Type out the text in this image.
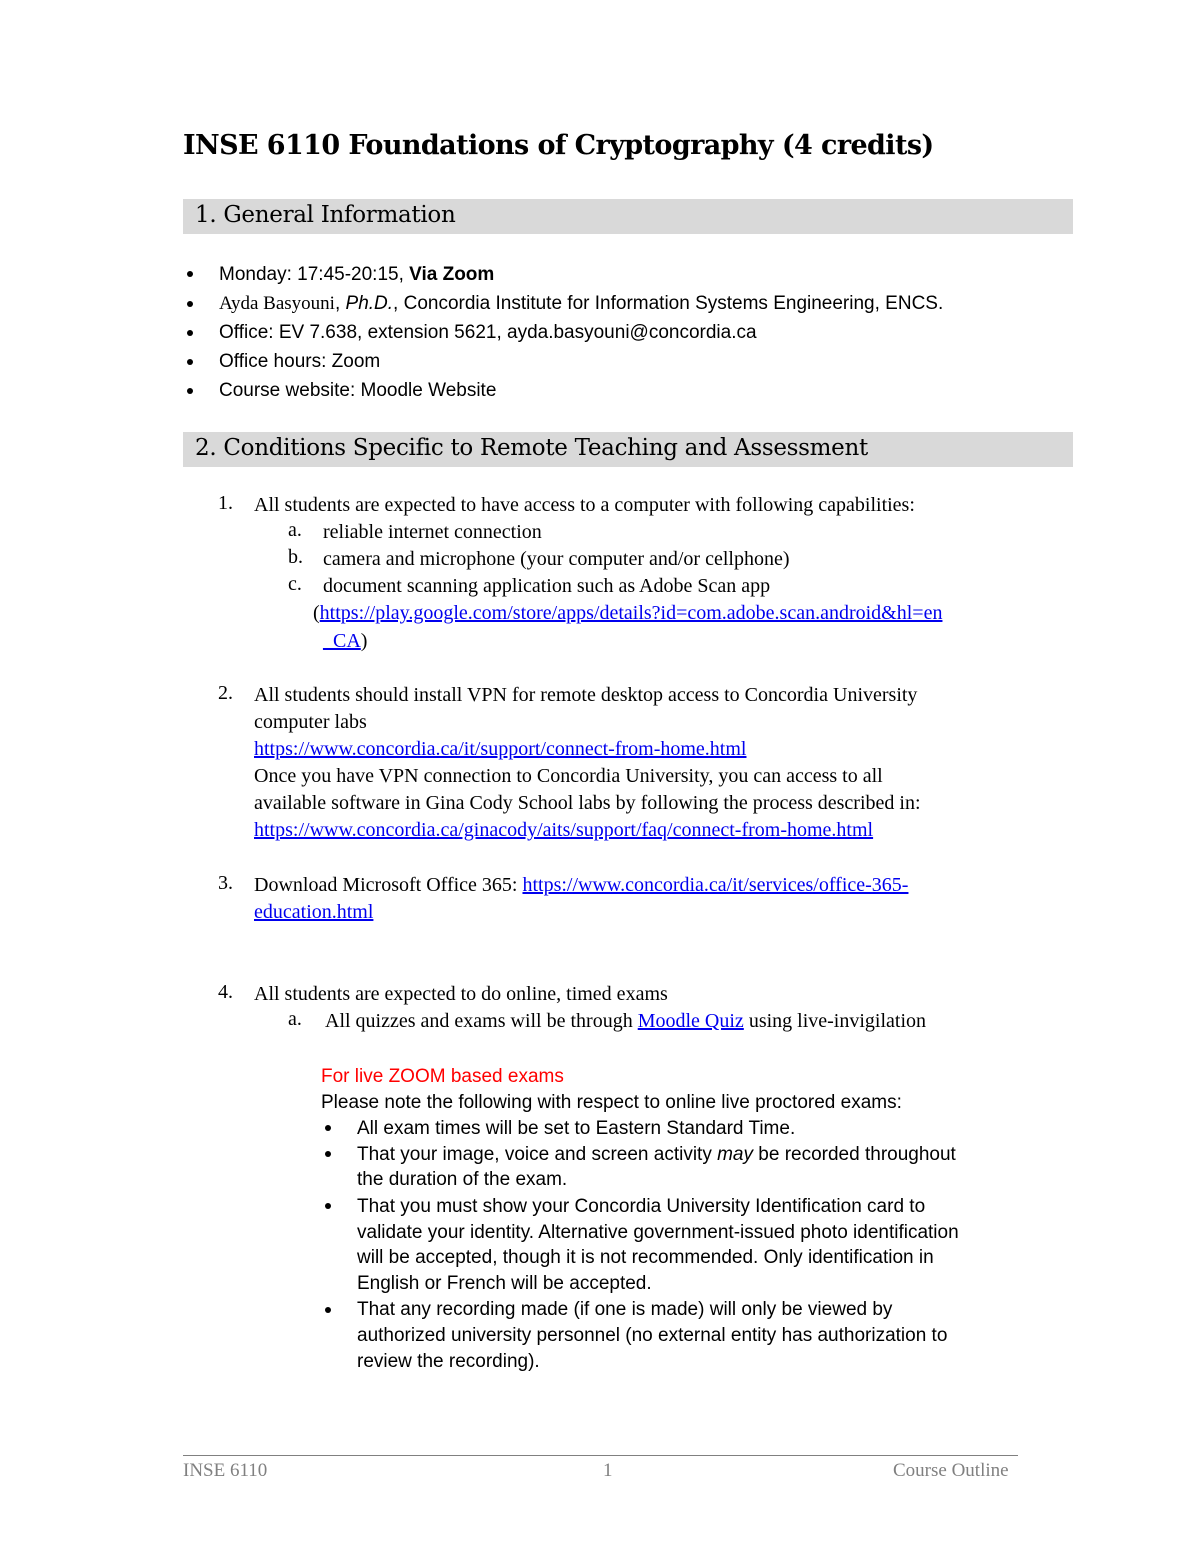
INSE 6110 Foundations of Cryptography (4 credits)
1. General Information
Monday: 17:45-20:15, Via Zoom
Ayda Basyouni, Ph.D., Concordia Institute for Information Systems Engineering, ENCS.
Office: EV 7.638, extension 5621, ayda.basyouni@concordia.ca
Office hours: Zoom
Course website: Moodle Website
2. Conditions Specific to Remote Teaching and Assessment
1. All students are expected to have access to a computer with following capabilities:
a. reliable internet connection
b. camera and microphone (your computer and/or cellphone)
c. document scanning application such as Adobe Scan app
(https://play.google.com/store/apps/details?id=com.adobe.scan.android&hl=en
_CA)
2. All students should install VPN for remote desktop access to Concordia University
computer labs
https://www.concordia.ca/it/support/connect-from-home.html
Once you have VPN connection to Concordia University, you can access to all
available software in Gina Cody School labs by following the process described in:
https://www.concordia.ca/ginacody/aits/support/faq/connect-from-home.html
3. Download Microsoft Office 365: https://www.concordia.ca/it/services/office-365-
education.html
4. All students are expected to do online, timed exams
a. All quizzes and exams will be through Moodle Quiz using live-invigilation
For live ZOOM based exams
Please note the following with respect to online live proctored exams:
All exam times will be set to Eastern Standard Time.
That your image, voice and screen activity may be recorded throughout
the duration of the exam.
That you must show your Concordia University Identification card to
validate your identity. Alternative government-issued photo identification
will be accepted, though it is not recommended. Only identification in
English or French will be accepted.
That any recording made (if one is made) will only be viewed by
authorized university personnel (no external entity has authorization to
review the recording).
INSE 6110	1	Course Outline
